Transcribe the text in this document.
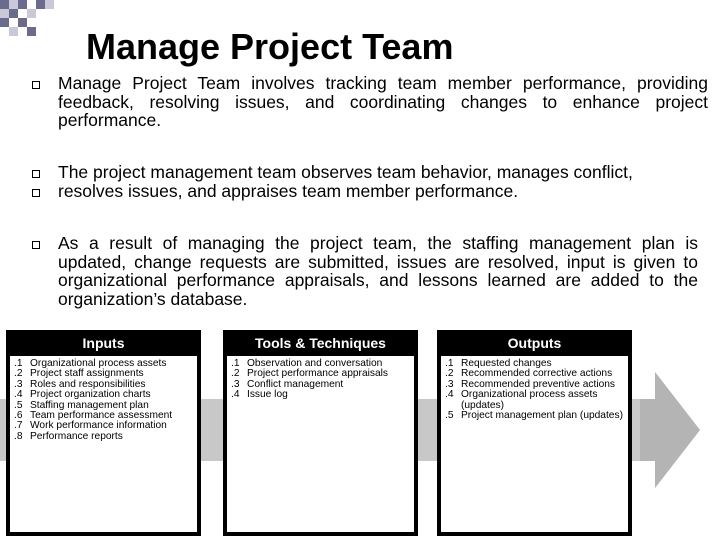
Manage Project Team
Manage Project Team involves tracking team member performance, providing feedback, resolving issues, and coordinating changes to enhance project performance.
The project management team observes team behavior, manages conflict, resolves issues, and appraises team member performance.
As a result of managing the project team, the staffing management plan is updated, change requests are submitted, issues are resolved, input is given to organizational performance appraisals, and lessons learned are added to the organization’s database.
Inputs
.1 Organizational process assets
.2 Project staff assignments
.3 Roles and responsibilities
.4 Project organization charts
.5 Staffing management plan
.6 Team performance assessment
.7 Work performance information
.8 Performance reports
Tools & Techniques
.1 Observation and conversation
.2 Project performance appraisals
.3 Conflict management
.4 Issue log
Outputs
.1 Requested changes
.2 Recommended corrective actions
.3 Recommended preventive actions
.4 Organizational process assets (updates)
.5 Project management plan (updates)
